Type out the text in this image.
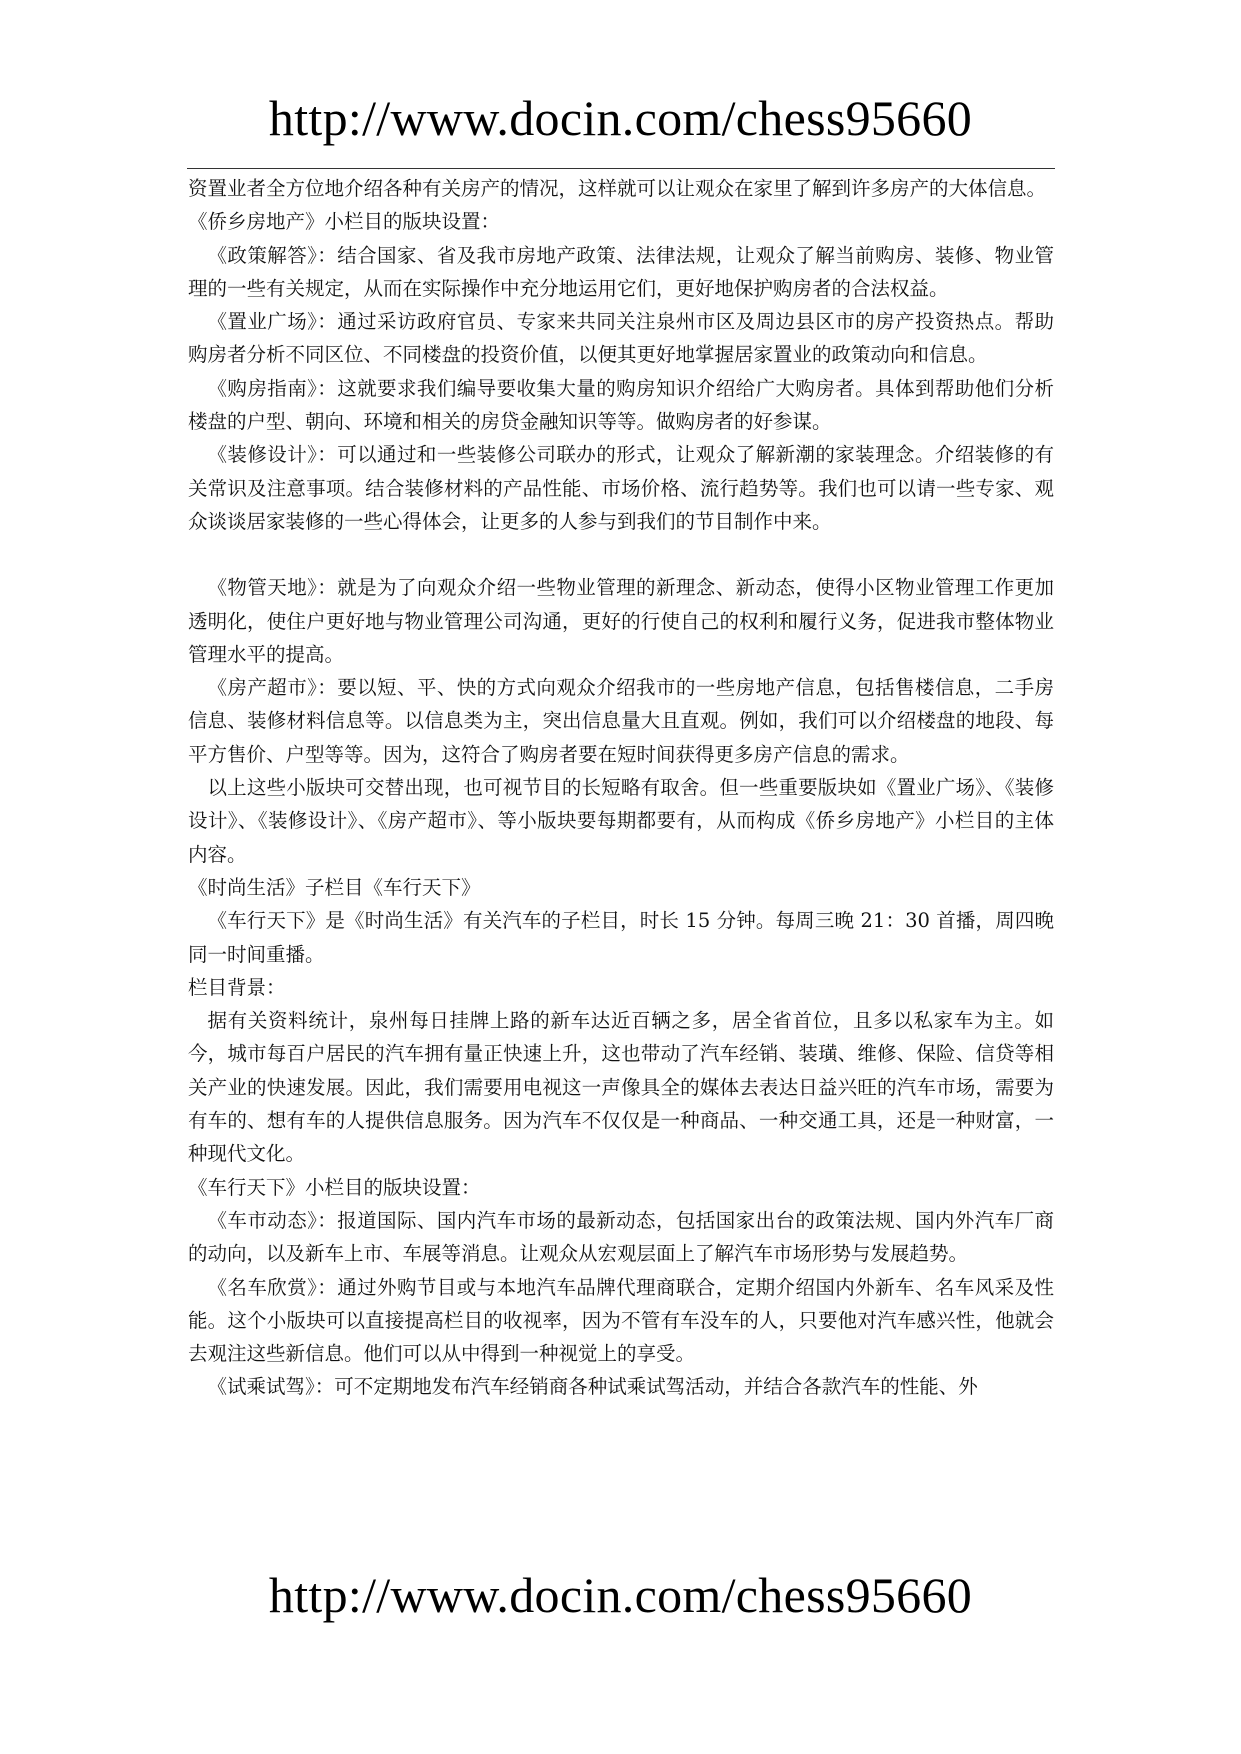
http://www.docin.com/chess95660

资置业者全方位地介绍各种有关房产的情况，这样就可以让观众在家里了解到许多房产的大体信息。

《侨乡房地产》小栏目的版块设置：

《政策解答》：结合国家、省及我市房地产政策、法律法规，让观众了解当前购房、装修、物业管理的一些有关规定，从而在实际操作中充分地运用它们，更好地保护购房者的合法权益。

《置业广场》：通过采访政府官员、专家来共同关注泉州市区及周边县区市的房产投资热点。帮助购房者分析不同区位、不同楼盘的投资价值，以便其更好地掌握居家置业的政策动向和信息。

《购房指南》：这就要求我们编导要收集大量的购房知识介绍给广大购房者。具体到帮助他们分析楼盘的户型、朝向、环境和相关的房贷金融知识等等。做购房者的好参谋。

《装修设计》：可以通过和一些装修公司联办的形式，让观众了解新潮的家装理念。介绍装修的有关常识及注意事项。结合装修材料的产品性能、市场价格、流行趋势等。我们也可以请一些专家、观众谈谈居家装修的一些心得体会，让更多的人参与到我们的节目制作中来。

《物管天地》：就是为了向观众介绍一些物业管理的新理念、新动态，使得小区物业管理工作更加透明化，使住户更好地与物业管理公司沟通，更好的行使自己的权利和履行义务，促进我市整体物业管理水平的提高。

《房产超市》：要以短、平、快的方式向观众介绍我市的一些房地产信息，包括售楼信息，二手房信息、装修材料信息等。以信息类为主，突出信息量大且直观。例如，我们可以介绍楼盘的地段、每平方售价、户型等等。因为，这符合了购房者要在短时间获得更多房产信息的需求。

以上这些小版块可交替出现，也可视节目的长短略有取舍。但一些重要版块如《置业广场》、《装修设计》、《装修设计》、《房产超市》、等小版块要每期都要有，从而构成《侨乡房地产》小栏目的主体内容。

《时尚生活》子栏目《车行天下》

《车行天下》是《时尚生活》有关汽车的子栏目，时长 15 分钟。每周三晚 21：30 首播，周四晚同一时间重播。

栏目背景：

据有关资料统计，泉州每日挂牌上路的新车达近百辆之多，居全省首位，且多以私家车为主。如今，城市每百户居民的汽车拥有量正快速上升，这也带动了汽车经销、装璜、维修、保险、信贷等相关产业的快速发展。因此，我们需要用电视这一声像具全的媒体去表达日益兴旺的汽车市场，需要为有车的、想有车的人提供信息服务。因为汽车不仅仅是一种商品、一种交通工具，还是一种财富，一种现代文化。

《车行天下》小栏目的版块设置：

《车市动态》：报道国际、国内汽车市场的最新动态，包括国家出台的政策法规、国内外汽车厂商的动向，以及新车上市、车展等消息。让观众从宏观层面上了解汽车市场形势与发展趋势。

《名车欣赏》：通过外购节目或与本地汽车品牌代理商联合，定期介绍国内外新车、名车风采及性能。这个小版块可以直接提高栏目的收视率，因为不管有车没车的人，只要他对汽车感兴性，他就会去观注这些新信息。他们可以从中得到一种视觉上的享受。

《试乘试驾》：可不定期地发布汽车经销商各种试乘试驾活动，并结合各款汽车的性能、外

http://www.docin.com/chess95660
